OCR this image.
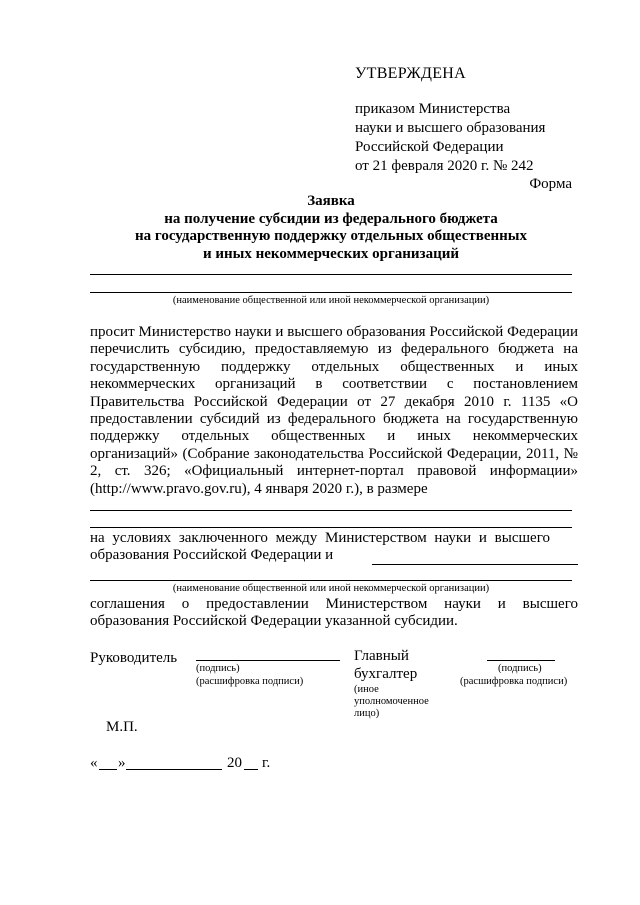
УТВЕРЖДЕНА
приказом Министерства
науки и высшего образования
Российской Федерации
от 21 февраля 2020 г. № 242
Форма
Заявка
на получение субсидии из федерального бюджета
на государственную поддержку отдельных общественных
и иных некоммерческих организаций
(наименование общественной или иной некоммерческой организации)
просит Министерство науки и высшего образования Российской Федерации перечислить субсидию, предоставляемую из федерального бюджета на государственную поддержку отдельных общественных и иных некоммерческих организаций в соответствии с постановлением Правительства Российской Федерации от 27 декабря 2010 г. 1135 «О предоставлении субсидий из федерального бюджета на государственную поддержку отдельных общественных и иных некоммерческих организаций» (Собрание законодательства Российской Федерации, 2011, № 2, ст. 326; «Официальный интернет-портал правовой информации» (http://www.pravo.gov.ru), 4 января 2020 г.), в размере
на условиях заключенного между Министерством науки и высшего образования Российской Федерации и
(наименование общественной или иной некоммерческой организации)
соглашения о предоставлении Министерством науки и высшего образования Российской Федерации указанной субсидии.
Руководитель
(подпись)
(расшифровка подписи)
Главный
бухгалтер
(иное уполномоченное лицо)
(подпись)
(расшифровка подписи)
М.П.
« »	20 г.
